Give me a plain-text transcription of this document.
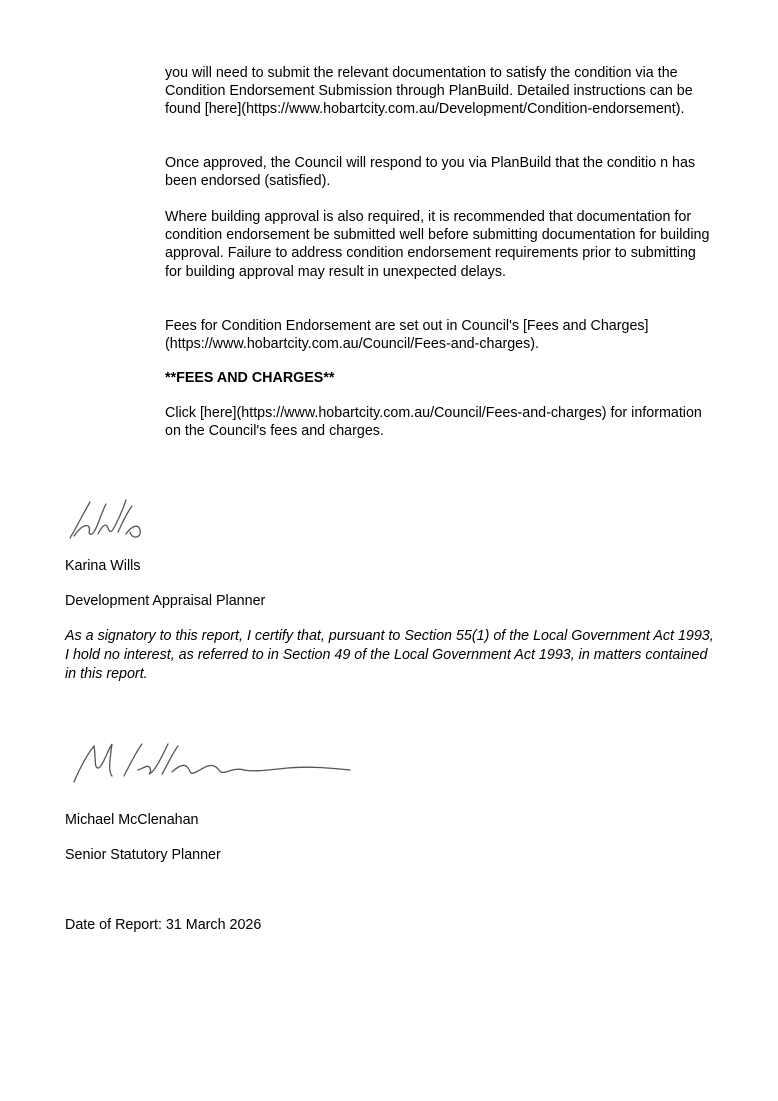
you will need to submit the relevant documentation to satisfy the condition via the Condition Endorsement Submission through PlanBuild. Detailed instructions can be found [here](https://www.hobartcity.com.au/Development/Condition-endorsement).

Once approved, the Council will respond to you via PlanBuild that the conditio n has been endorsed (satisfied).

Where building approval is also required, it is recommended that documentation for condition endorsement be submitted well before submitting documentation for building approval. Failure to address condition endorsement requirements prior to submitting for building approval may result in unexpected delays.

Fees for Condition Endorsement are set out in Council's [Fees and Charges](https://www.hobartcity.com.au/Council/Fees-and-charges).

**FEES AND CHARGES**

Click [here](https://www.hobartcity.com.au/Council/Fees-and-charges) for information on the Council's fees and charges.

Karina Wills

Development Appraisal Planner

As a signatory to this report, I certify that, pursuant to Section 55(1) of the Local Government Act 1993, I hold no interest, as referred to in Section 49 of the Local Government Act 1993, in matters contained in this report.

Michael McClenahan

Senior Statutory Planner

Date of Report: 31 March 2026
